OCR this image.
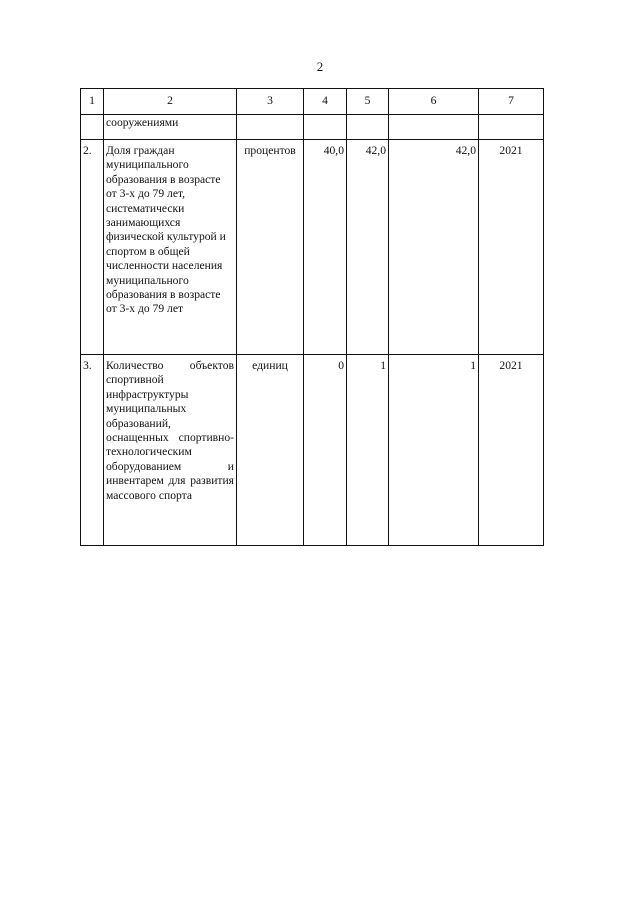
2
1	2	3	4	5	6	7
	сооружениями					
2.	Доля граждан муниципального образования в возрасте от 3-х до 79 лет, систематически занимающихся физической культурой и спортом в общей численности населения муниципального образования в возрасте от 3-х до 79 лет	процентов	40,0	42,0	42,0	2021
3.	Количество объектов спортивной инфраструктуры муниципальных образований, оснащенных спортивно-технологическим оборудованием и инвентарем для развития массового спорта	единиц	0	1	1	2021
